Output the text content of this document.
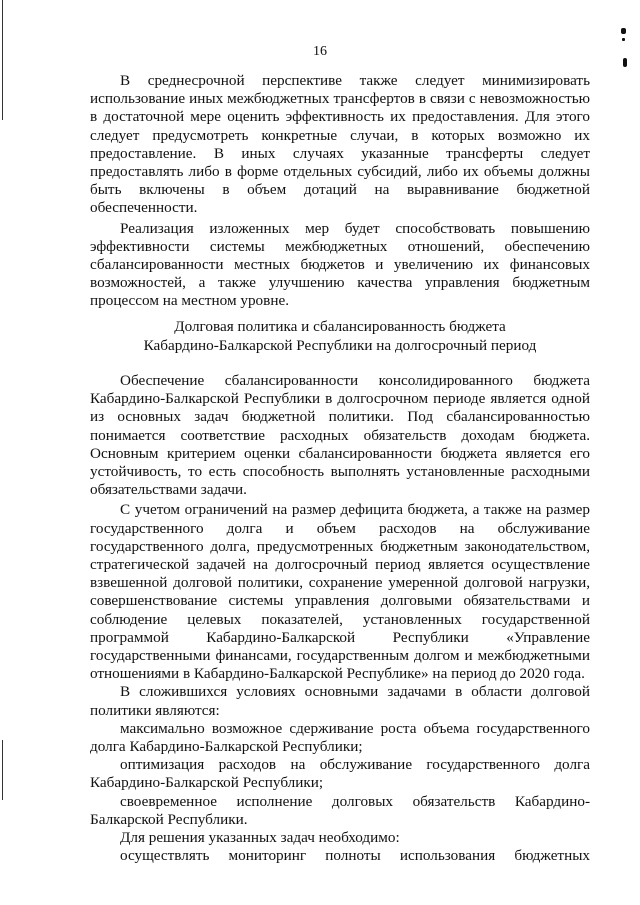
16

В среднесрочной перспективе также следует минимизировать использование иных межбюджетных трансфертов в связи с невозможностью в достаточной мере оценить эффективность их предоставления. Для этого следует предусмотреть конкретные случаи, в которых возможно их предоставление. В иных случаях указанные трансферты следует предоставлять либо в форме отдельных субсидий, либо их объемы должны быть включены в объем дотаций на выравнивание бюджетной обеспеченности.

Реализация изложенных мер будет способствовать повышению эффективности системы межбюджетных отношений, обеспечению сбалансированности местных бюджетов и увеличению их финансовых возможностей, а также улучшению качества управления бюджетным процессом на местном уровне.

Долговая политика и сбалансированность бюджета
Кабардино-Балкарской Республики на долгосрочный период

Обеспечение сбалансированности консолидированного бюджета Кабардино-Балкарской Республики в долгосрочном периоде является одной из основных задач бюджетной политики. Под сбалансированностью понимается соответствие расходных обязательств доходам бюджета. Основным критерием оценки сбалансированности бюджета является его устойчивость, то есть способность выполнять установленные расходными обязательствами задачи.

С учетом ограничений на размер дефицита бюджета, а также на размер государственного долга и объем расходов на обслуживание государственного долга, предусмотренных бюджетным законодательством, стратегической задачей на долгосрочный период является осуществление взвешенной долговой политики, сохранение умеренной долговой нагрузки, совершенствование системы управления долговыми обязательствами и соблюдение целевых показателей, установленных государственной программой Кабардино-Балкарской Республики «Управление государственными финансами, государственным долгом и межбюджетными отношениями в Кабардино-Балкарской Республике» на период до 2020 года.

В сложившихся условиях основными задачами в области долговой политики являются:

максимально возможное сдерживание роста объема государственного долга Кабардино-Балкарской Республики;

оптимизация расходов на обслуживание государственного долга Кабардино-Балкарской Республики;

своевременное исполнение долговых обязательств Кабардино-Балкарской Республики.

Для решения указанных задач необходимо:

осуществлять мониторинг полноты использования бюджетных
